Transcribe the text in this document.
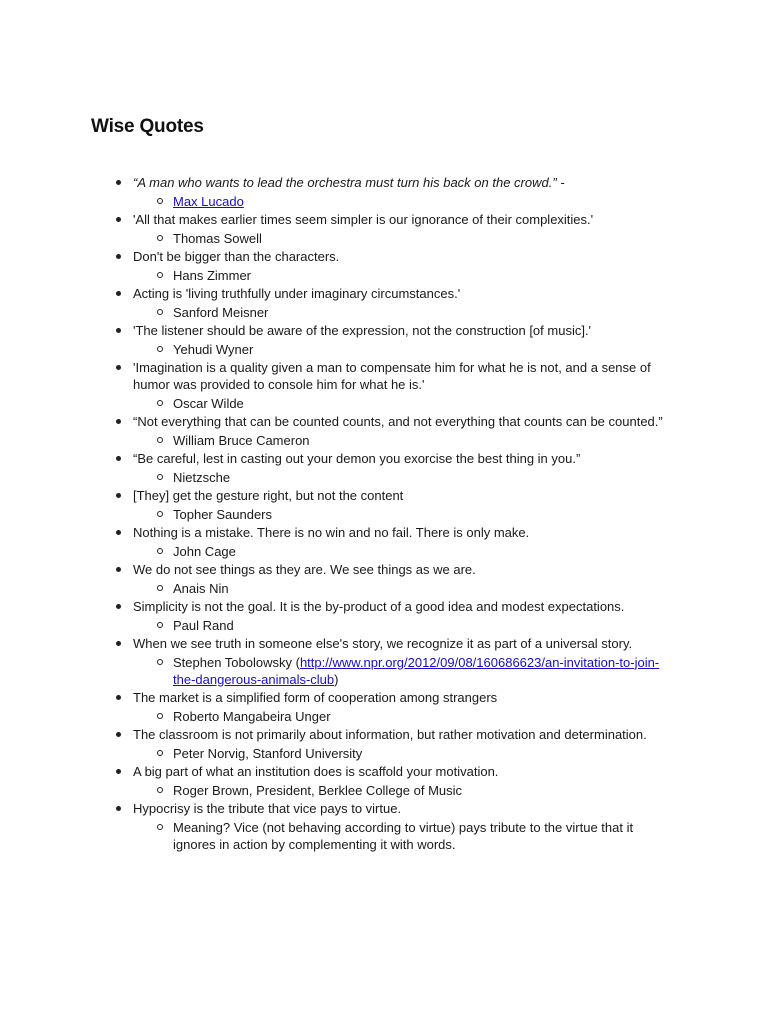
Wise Quotes
“A man who wants to lead the orchestra must turn his back on the crowd.” -
Max Lucado
'All that makes earlier times seem simpler is our ignorance of their complexities.'
Thomas Sowell
Don't be bigger than the characters.
Hans Zimmer
Acting is 'living truthfully under imaginary circumstances.'
Sanford Meisner
'The listener should be aware of the expression, not the construction [of music].'
Yehudi Wyner
'Imagination is a quality given a man to compensate him for what he is not, and a sense of humor was provided to console him for what he is.'
Oscar Wilde
“Not everything that can be counted counts, and not everything that counts can be counted.”
William Bruce Cameron
“Be careful, lest in casting out your demon you exorcise the best thing in you.”
Nietzsche
[They] get the gesture right, but not the content
Topher Saunders
Nothing is a mistake. There is no win and no fail. There is only make.
John Cage
We do not see things as they are. We see things as we are.
Anais Nin
Simplicity is not the goal. It is the by-product of a good idea and modest expectations.
Paul Rand
When we see truth in someone else's story, we recognize it as part of a universal story.
Stephen Tobolowsky (http://www.npr.org/2012/09/08/160686623/an-invitation-to-join-the-dangerous-animals-club)
The market is a simplified form of cooperation among strangers
Roberto Mangabeira Unger
The classroom is not primarily about information, but rather motivation and determination.
Peter Norvig, Stanford University
A big part of what an institution does is scaffold your motivation.
Roger Brown, President, Berklee College of Music
Hypocrisy is the tribute that vice pays to virtue.
Meaning? Vice (not behaving according to virtue) pays tribute to the virtue that it ignores in action by complementing it with words.
